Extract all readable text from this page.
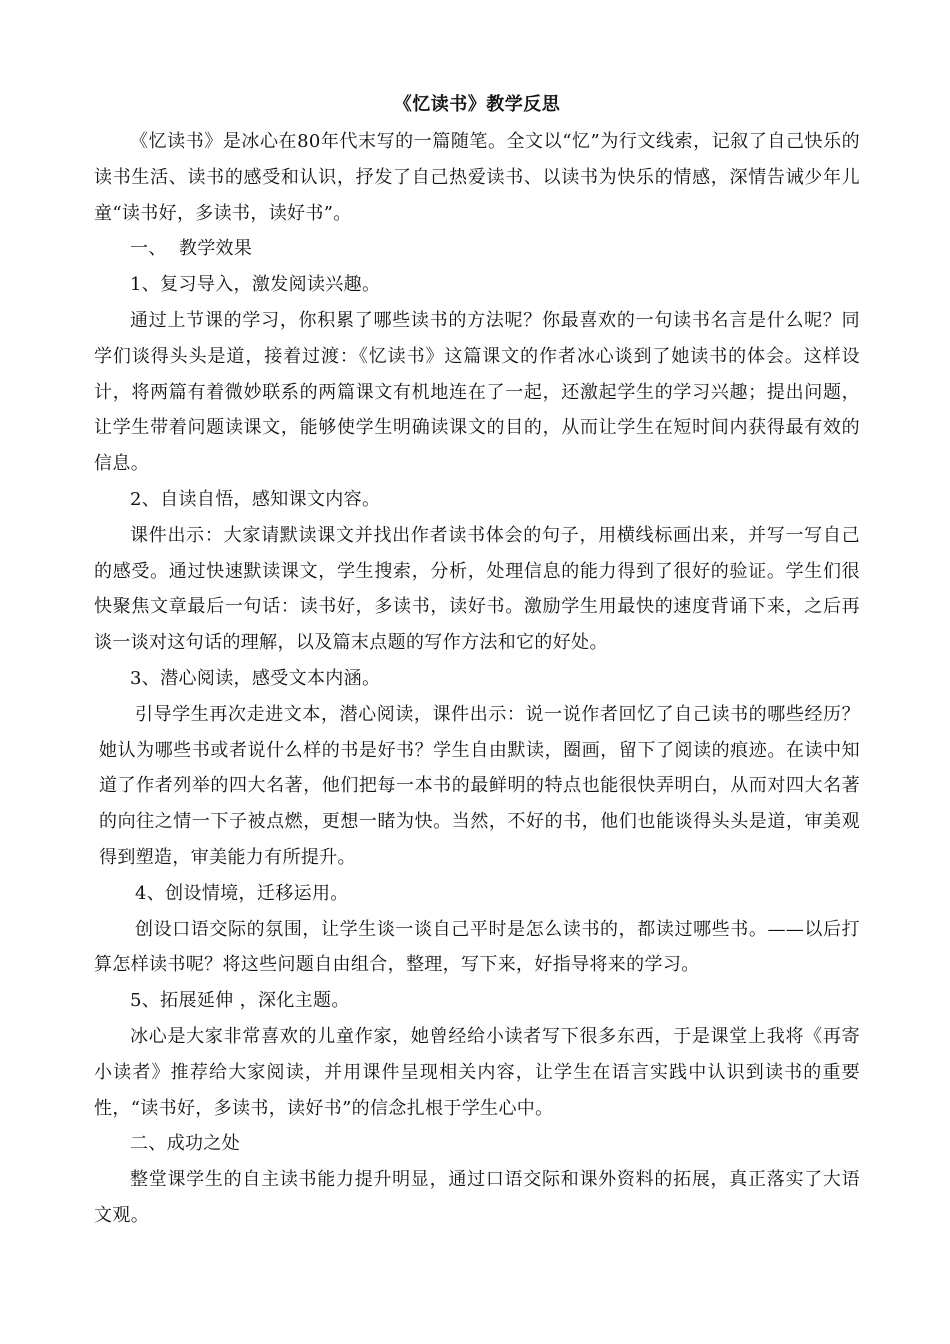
《忆读书》教学反思

《忆读书》是冰心在80年代末写的一篇随笔。全文以“忆”为行文线索，记叙了自己快乐的读书生活、读书的感受和认识，抒发了自己热爱读书、以读书为快乐的情感，深情告诫少年儿童“读书好，多读书，读好书”。

一、  教学效果

1、复习导入，激发阅读兴趣。

通过上节课的学习，你积累了哪些读书的方法呢？你最喜欢的一句读书名言是什么呢？同学们谈得头头是道，接着过渡：《忆读书》这篇课文的作者冰心谈到了她读书的体会。这样设计，将两篇有着微妙联系的两篇课文有机地连在了一起，还激起学生的学习兴趣；提出问题，让学生带着问题读课文，能够使学生明确读课文的目的，从而让学生在短时间内获得最有效的信息。

2、自读自悟，感知课文内容。

课件出示：大家请默读课文并找出作者读书体会的句子，用横线标画出来，并写一写自己的感受。通过快速默读课文，学生搜索，分析，处理信息的能力得到了很好的验证。学生们很快聚焦文章最后一句话：读书好，多读书，读好书。激励学生用最快的速度背诵下来，之后再谈一谈对这句话的理解，以及篇末点题的写作方法和它的好处。

3、潜心阅读，感受文本内涵。

引导学生再次走进文本，潜心阅读，课件出示：说一说作者回忆了自己读书的哪些经历？她认为哪些书或者说什么样的书是好书？学生自由默读，圈画，留下了阅读的痕迹。在读中知道了作者列举的四大名著，他们把每一本书的最鲜明的特点也能很快弄明白，从而对四大名著的向往之情一下子被点燃，更想一睹为快。当然，不好的书，他们也能谈得头头是道，审美观得到塑造，审美能力有所提升。

4、创设情境，迁移运用。

创设口语交际的氛围，让学生谈一谈自己平时是怎么读书的，都读过哪些书。——以后打算怎样读书呢？将这些问题自由组合，整理，写下来，好指导将来的学习。

5、拓展延伸 ，深化主题。

冰心是大家非常喜欢的儿童作家，她曾经给小读者写下很多东西，于是课堂上我将《再寄小读者》推荐给大家阅读，并用课件呈现相关内容，让学生在语言实践中认识到读书的重要性，“读书好，多读书，读好书”的信念扎根于学生心中。

二、成功之处

整堂课学生的自主读书能力提升明显，通过口语交际和课外资料的拓展，真正落实了大语文观。
